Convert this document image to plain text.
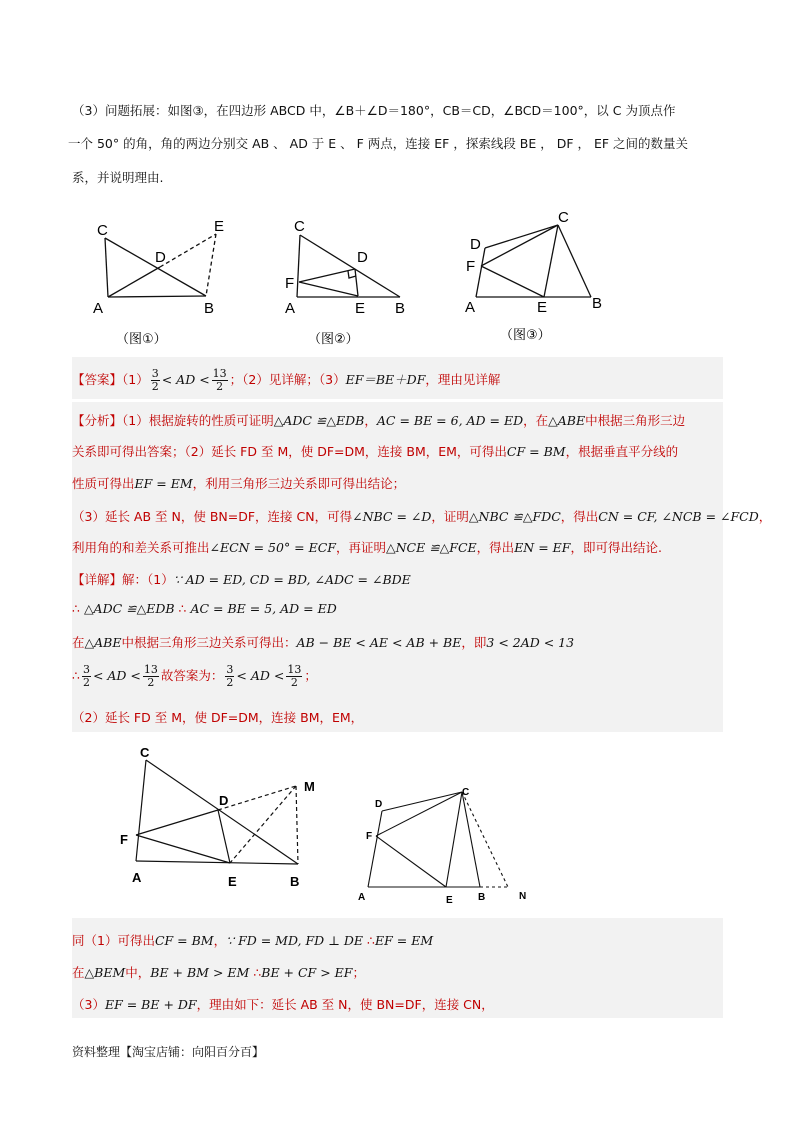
（3）问题拓展：如图③，在四边形 ABCD 中，∠B＋∠D＝180°，CB＝CD，∠BCD＝100°，以 C 为顶点作
一个 50° 的角，角的两边分别交 AB 、 AD 于 E 、 F 两点，连接 EF ，探索线段 BE ， DF ， EF 之间的数量关
系，并说明理由.
C	E
D
A	B
（图①）
C
D
F
A	E B
（图②）
C
D
F
A	E	B
（图③）
【答案】$(1) \frac{3}{2}$ < AD < $\frac{13}{2}$ ；（2）见详解；（3）EF＝BE＋DF，理由见详解
【分析】（1）根据旋转的性质可证明△ADC ≌△EDB，AC = BE = 6, AD = ED，在△ABE中根据三角形三边
关系即可得出答案；（2）延长 FD 至 M，使 DF=DM，连接 BM，EM，可得出CF = BM，根据垂直平分线的
性质可得出EF = EM，利用三角形三边关系即可得出结论；
（3）延长 AB 至 N，使 BN=DF，连接 CN，可得∠NBC = ∠D，证明△NBC ≌△FDC，得出CN = CF, ∠NCB = ∠FCD，
利用角的和差关系可推出∠ECN = 50° = ECF，再证明△NCE ≌△FCE，得出EN = EF，即可得出结论.
【详解】解：（1）∵ AD = ED, CD = BD, ∠ADC = ∠BDE
∴ △ADC ≌△EDB ∴ AC = BE = 5, AD = ED
在△ABE中根据三角形三边关系可得出：AB − BE < AE < AB + BE，即3 < 2AD < 13
∴ $\frac{3}{2}$ < AD < $\frac{13}{2}$ 故答案为： $\frac{3}{2}$ < AD < $\frac{13}{2}$ ；
（2）延长 FD 至 M，使 DF=DM，连接 BM，EM，
C
D
M
F
A	E	B
D
C
F
A	E	B	N
同（1）可得出CF = BM，∵ FD = MD, FD ⊥ DE ∴EF = EM
在△BEM中，BE + BM > EM ∴BE + CF > EF；
（3）EF = BE + DF，理由如下：延长 AB 至 N，使 BN=DF，连接 CN，
资料整理【淘宝店铺：向阳百分百】
